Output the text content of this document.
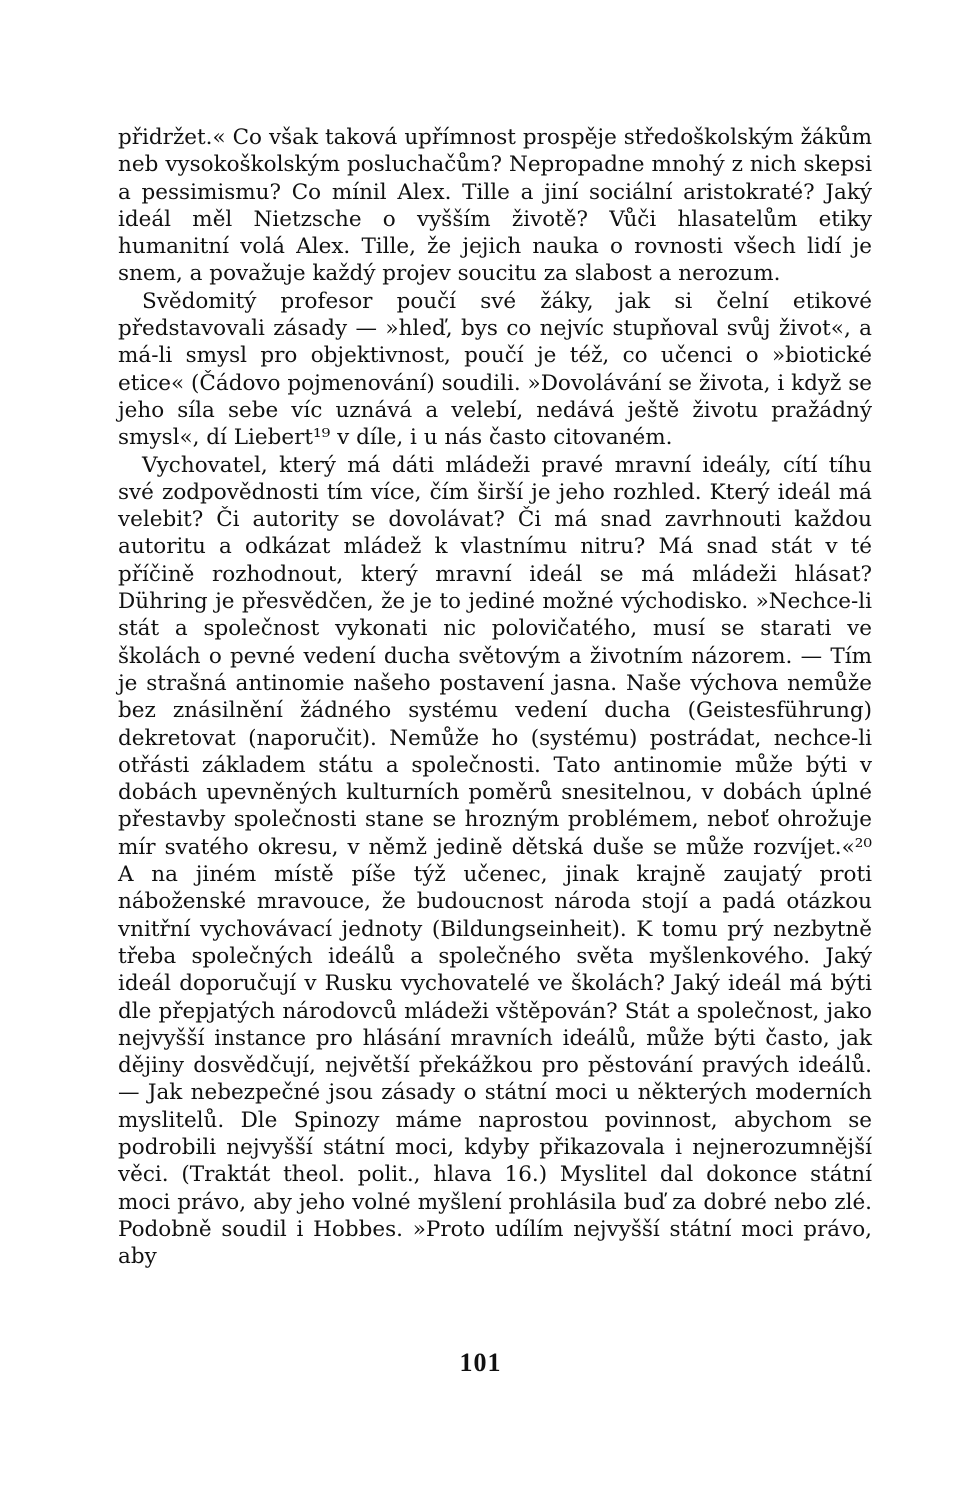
přidržet.« Co však taková upřímnost prospěje středoškolským žákům neb vysokoškolským posluchačům? Nepropadne mnohý z nich skepsi a pessimismu? Co mínil Alex. Tille a jiní sociální aristokraté? Jaký ideál měl Nietzsche o vyšším životě? Vůči hlasatelům etiky humanitní volá Alex. Tille, že jejich nauka o rovnosti všech lidí je snem, a považuje každý projev soucitu za slabost a nerozum.

Svědomitý profesor poučí své žáky, jak si čelní etikové představovali zásady — »hleď, bys co nejvíc stupňoval svůj život«, a má-li smysl pro objektivnost, poučí je též, co učenci o »biotické etice« (Čádovo pojmenování) soudili. »Dovolávání se života, i když se jeho síla sebe víc uznává a velebí, nedává ještě životu pražádný smysl«, dí Liebert¹⁹ v díle, i u nás často citovaném.

Vychovatel, který má dáti mládeži pravé mravní ideály, cítí tíhu své zodpovědnosti tím více, čím širší je jeho rozhled. Který ideál má velebit? Či autority se dovolávat? Či má snad zavrhnouti každou autoritu a odkázat mládež k vlastnímu nitru? Má snad stát v té příčině rozhodnout, který mravní ideál se má mládeži hlásat? Dühring je přesvědčen, že je to jediné možné východisko. »Nechce-li stát a společnost vykonati nic polovičatého, musí se starati ve školách o pevné vedení ducha světovým a životním názorem. — Tím je strašná antinomie našeho postavení jasna. Naše výchova nemůže bez znásilnění žádného systému vedení ducha (Geistesführung) dekretovat (naporučit). Nemůže ho (systému) postrádat, nechce-li otřásti základem státu a společnosti. Tato antinomie může býti v dobách upevněných kulturních poměrů snesitelnou, v dobách úplné přestavby společnosti stane se hrozným problémem, neboť ohrožuje mír svatého okresu, v němž jedině dětská duše se může rozvíjet.«²⁰ A na jiném místě píše týž učenec, jinak krajně zaujatý proti náboženské mravouce, že budoucnost národa stojí a padá otázkou vnitřní vychovávací jednoty (Bildungseinheit). K tomu prý nezbytně třeba společných ideálů a společného světa myšlenkového. Jaký ideál doporučují v Rusku vychovatelé ve školách? Jaký ideál má býti dle přepjatých národovců mládeži vštěpován? Stát a společnost, jako nejvyšší instance pro hlásání mravních ideálů, může býti často, jak dějiny dosvědčují, největší překážkou pro pěstování pravých ideálů. — Jak nebezpečné jsou zásady o státní moci u některých moderních myslitelů. Dle Spinozy máme naprostou povinnost, abychom se podrobili nejvyšší státní moci, kdyby přikazovala i nejnerozumnější věci. (Traktát theol. polit., hlava 16.) Myslitel dal dokonce státní moci právo, aby jeho volné myšlení prohlásila buď za dobré nebo zlé. Podobně soudil i Hobbes. »Proto udílím nejvyšší státní moci právo, aby

101
